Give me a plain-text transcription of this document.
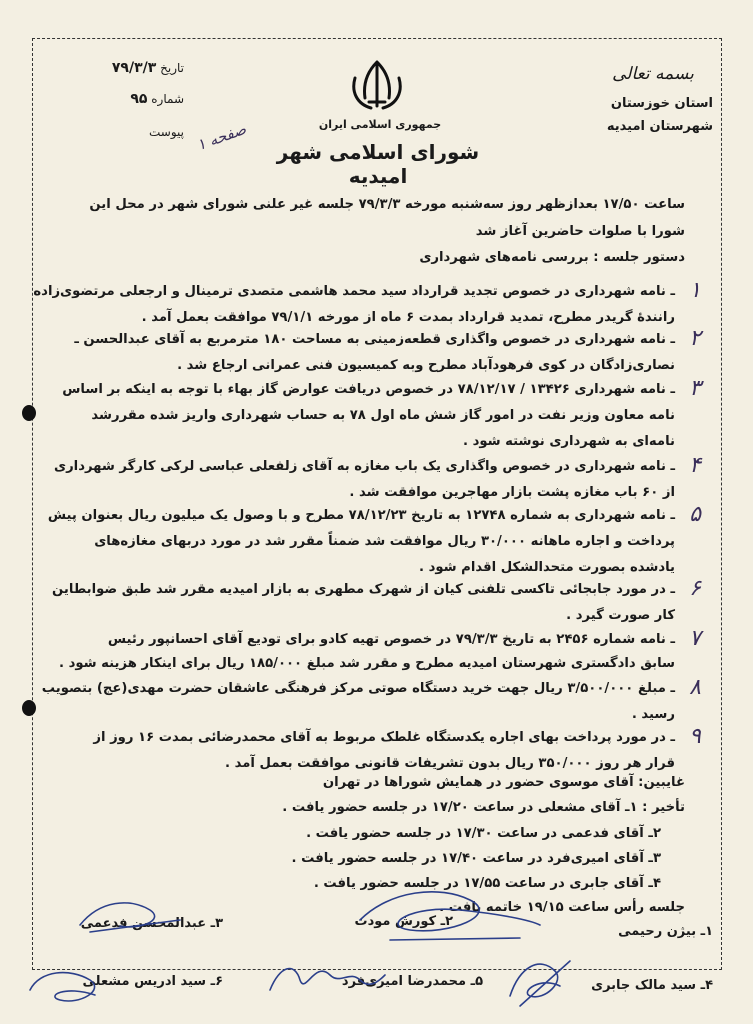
بسمه تعالی
استان خوزستان
شهرستان امیدیه
جمهوری اسلامی ایران
شورای اسلامی شهر امیدیه
تاریخ ۷۹/۳/۳
شماره ۹۵
پیوست
صفحه ۱
ساعت ۱۷/۵۰ بعدازظهر روز سه‌شنبه مورخه ۷۹/۳/۳ جلسه غیر علنی شورای شهر در محل این
شورا با صلوات حاضرین آغاز شد
دستور جلسه : بررسی نامه‌های شهرداری
۱
ـ نامه شهرداری در خصوص تجدید قرارداد سید محمد هاشمی متصدی ترمینال و ارجعلی مرتضوی‌زاده
رانندهٔ گریدر مطرح، تمدید قرارداد بمدت ۶ ماه از مورخه ۷۹/۱/۱ موافقت بعمل آمد .
۲
ـ نامه شهرداری در خصوص واگذاری قطعه‌زمینی به مساحت ۱۸۰ مترمربع به آقای عبدالحسن ـ
نصاری‌زادگان در کوی فرهودآباد مطرح وبه کمیسیون فنی عمرانی ارجاع شد .
۳
ـ نامه شهرداری ۱۳۴۲۶ / ۷۸/۱۲/۱۷ در خصوص دریافت عوارض گاز بهاء با توجه به اینکه بر اساس
نامه معاون وزیر نفت در امور گاز شش ماه اول ۷۸ به حساب شهرداری واریز شده مقررشد
نامه‌ای به شهرداری نوشته شود .
۴
ـ نامه شهرداری در خصوص واگذاری یک باب مغازه به آقای زلفعلی عباسی لرکی کارگر شهرداری
از ۶۰ باب مغازه پشت بازار مهاجرین موافقت شد .
۵
ـ نامه شهرداری به شماره ۱۲۷۴۸ به تاریخ ۷۸/۱۲/۲۳ مطرح و با وصول یک میلیون ریال بعنوان پیش
پرداخت و اجاره ماهانه ۳۰/۰۰۰ ریال موافقت شد ضمناً مقرر شد در مورد دربهای مغازه‌های
یادشده بصورت متحدالشکل اقدام شود .
۶
ـ در مورد جابجائی تاکسی تلفنی کیان از شهرک مطهری به بازار امیدیه مقرر شد طبق ضوابطاین
کار صورت گیرد .
۷
ـ نامه شماره ۲۴۵۶ به تاریخ ۷۹/۳/۳ در خصوص تهیه کادو برای تودیع آقای احسانپور رئیس
سابق دادگستری شهرستان امیدیه مطرح و مقرر شد مبلغ ۱۸۵/۰۰۰ ریال برای اینکار هزینه شود .
۸
ـ مبلغ ۳/۵۰۰/۰۰۰ ریال جهت خرید دستگاه صوتی مرکز فرهنگی عاشقان حضرت مهدی(عج) بتصویب
رسید .
۹
ـ در مورد پرداخت بهای اجاره یکدستگاه غلطک مربوط به آقای محمدرضائی بمدت ۱۶ روز از
قرار هر روز ۳۵۰/۰۰۰ ریال بدون تشریفات قانونی موافقت بعمل آمد .
غایبین: آقای موسوی حضور در همایش شوراها در تهران
تأخیر : ۱ـ آقای مشعلی در ساعت ۱۷/۲۰ در جلسه حضور یافت .
۲ـ آقای فدعمی در ساعت ۱۷/۳۰ در جلسه حضور یافت .
۳ـ آقای امیری‌فرد در ساعت ۱۷/۴۰ در جلسه حضور یافت .
۴ـ آقای جابری در ساعت ۱۷/۵۵ در جلسه حضور یافت .
جلسه رأس ساعت ۱۹/۱۵ خاتمه یافت .
۱ـ بیژن رحیمی
۲ـ کورش مودت
۳ـ عبدالمحسن فدعمی
۴ـ سید مالک جابری
۵ـ محمدرضا امیری‌فرد
۶ـ سید ادریس مشعلی
